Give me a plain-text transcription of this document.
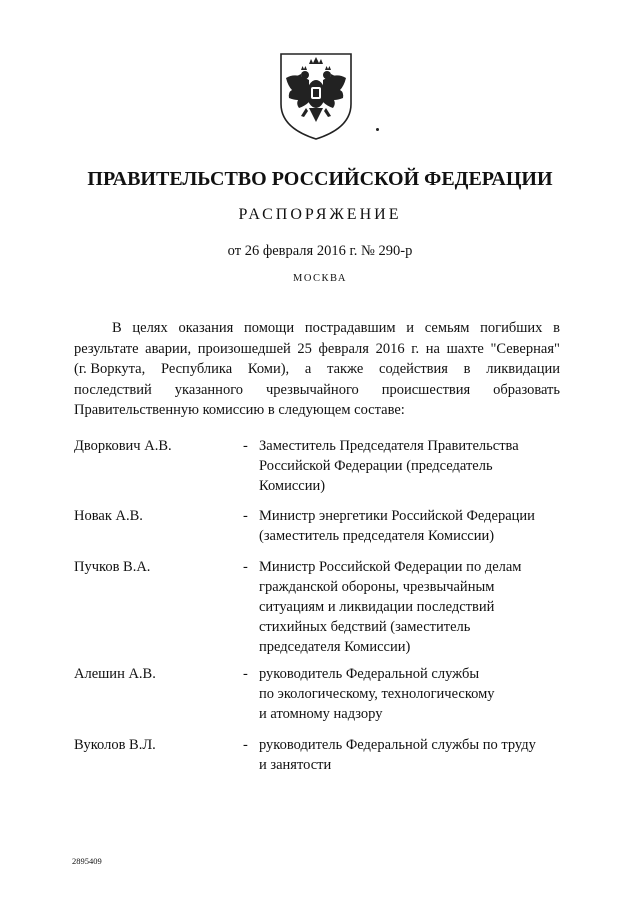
ПРАВИТЕЛЬСТВО РОССИЙСКОЙ ФЕДЕРАЦИИ
РАСПОРЯЖЕНИЕ
от 26 февраля 2016 г. № 290-р
МОСКВА
В целях оказания помощи пострадавшим и семьям погибших в
результате аварии, произошедшей 25 февраля 2016 г. на шахте "Северная"
(г. Воркута, Республика Коми), а также содействия в ликвидации
последствий указанного чрезвычайного происшествия образовать
Правительственную комиссию в следующем составе:
Дворкович А.В.	- Заместитель Председателя Правительства
Российской Федерации (председатель
Комиссии)
Новак А.В.	- Министр энергетики Российской Федерации
(заместитель председателя Комиссии)
Пучков В.А.	- Министр Российской Федерации по делам
гражданской обороны, чрезвычайным
ситуациям и ликвидации последствий
стихийных бедствий (заместитель
председателя Комиссии)
Алешин А.В.	- руководитель Федеральной службы
по экологическому, технологическому
и атомному надзору
Вуколов В.Л.	- руководитель Федеральной службы по труду
и занятости
2895409
